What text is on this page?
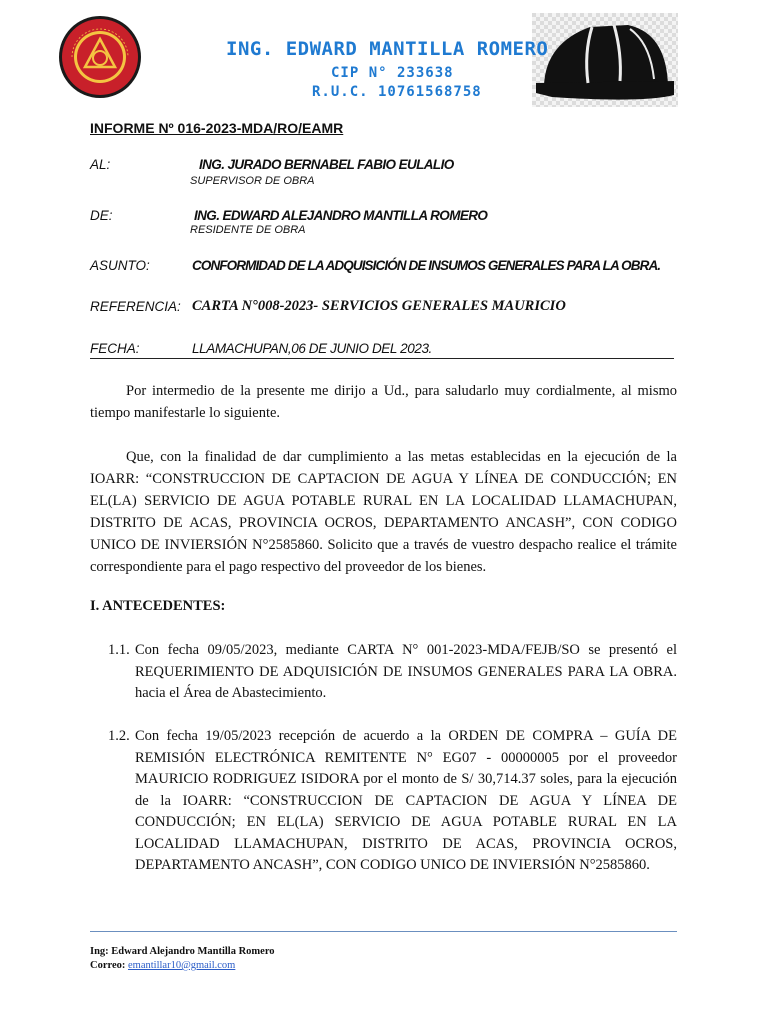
ING. EDWARD MANTILLA ROMERO
CIP N° 233638
R.U.C. 10761568758
INFORME Nº 016-2023-MDA/RO/EAMR
AL:	ING. JURADO BERNABEL FABIO EULALIO
SUPERVISOR DE OBRA
DE:	ING. EDWARD ALEJANDRO MANTILLA ROMERO
RESIDENTE DE OBRA
ASUNTO:	CONFORMIDAD DE LA ADQUISICIÓN DE INSUMOS GENERALES PARA LA OBRA.
REFERENCIA: CARTA N°008-2023- SERVICIOS GENERALES MAURICIO
FECHA:	LLAMACHUPAN,06 DE JUNIO DEL 2023.
Por intermedio de la presente me dirijo a Ud., para saludarlo muy cordialmente, al mismo tiempo manifestarle lo siguiente.
Que, con la finalidad de dar cumplimiento a las metas establecidas en la ejecución de la IOARR: “CONSTRUCCION DE CAPTACION DE AGUA Y LÍNEA DE CONDUCCIÓN; EN EL(LA) SERVICIO DE AGUA POTABLE RURAL EN LA LOCALIDAD LLAMACHUPAN, DISTRITO DE ACAS, PROVINCIA OCROS, DEPARTAMENTO ANCASH”, CON CODIGO UNICO DE INVIERSIÓN N°2585860. Solicito que a través de vuestro despacho realice el trámite correspondiente para el pago respectivo del proveedor de los bienes.
I. ANTECEDENTES:
1.1. Con fecha 09/05/2023, mediante CARTA N° 001-2023-MDA/FEJB/SO se presentó el REQUERIMIENTO DE ADQUISICIÓN DE INSUMOS GENERALES PARA LA OBRA. hacia el Área de Abastecimiento.
1.2. Con fecha 19/05/2023 recepción de acuerdo a la ORDEN DE COMPRA – GUÍA DE REMISIÓN ELECTRÓNICA REMITENTE N° EG07 - 00000005 por el proveedor MAURICIO RODRIGUEZ ISIDORA por el monto de S/ 30,714.37 soles, para la ejecución de la IOARR: “CONSTRUCCION DE CAPTACION DE AGUA Y LÍNEA DE CONDUCCIÓN; EN EL(LA) SERVICIO DE AGUA POTABLE RURAL EN LA LOCALIDAD LLAMACHUPAN, DISTRITO DE ACAS, PROVINCIA OCROS, DEPARTAMENTO ANCASH”, CON CODIGO UNICO DE INVIERSIÓN N°2585860.
Ing: Edward Alejandro Mantilla Romero
Correo: emantillar10@gmail.com
